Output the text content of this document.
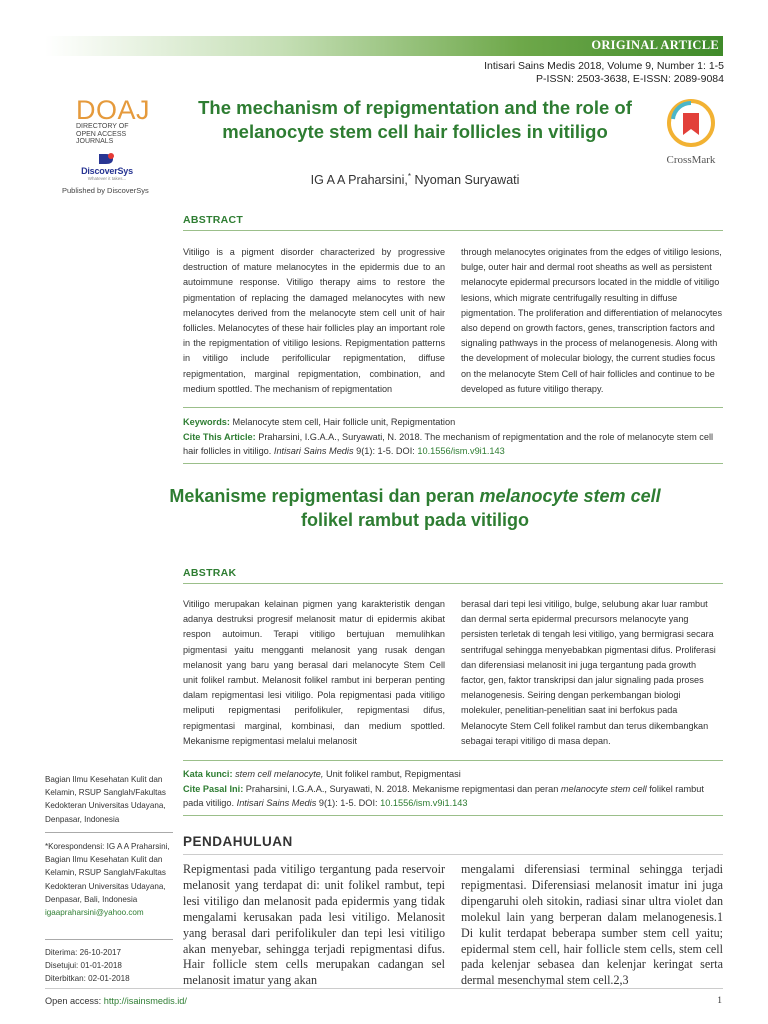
ORIGINAL ARTICLE
Intisari Sains Medis 2018, Volume 9, Number 1: 1-5
P-ISSN: 2503-3638, E-ISSN: 2089-9084
DOAJ
DIRECTORY OF
OPEN ACCESS
JOURNALS
DiscoverSys
Whatever it takes...
Published by DiscoverSys
CrossMark
The mechanism of repigmentation and the role of
melanocyte stem cell hair follicles in vitiligo
IG A A Praharsini,* Nyoman Suryawati
ABSTRACT
Vitiligo is a pigment disorder characterized by progressive destruction of mature melanocytes in the epidermis due to an autoimmune response. Vitiligo therapy aims to restore the pigmentation of replacing the damaged melanocytes with new melanocytes derived from the melanocyte stem cell unit of hair follicles. Melanocytes of these hair follicles play an important role in the repigmentation of vitiligo lesions. Repigmentation patterns in vitiligo include perifollicular repigmentation, diffuse repigmentation, marginal repigmentation, combination, and medium spottled. The mechanism of repigmentation
through melanocytes originates from the edges of vitiligo lesions, bulge, outer hair and dermal root sheaths as well as persistent melanocyte epidermal precursors located in the middle of vitiligo lesions, which migrate centrifugally resulting in diffuse pigmentation. The proliferation and differentiation of melanocytes also depend on growth factors, genes, transcription factors and signaling pathways in the process of melanogenesis. Along with the development of molecular biology, the current studies focus on the melanocyte Stem Cell of hair follicles and continue to be developed as future vitiligo therapy.
Keywords: Melanocyte stem cell, Hair follicle unit, Repigmentation
Cite This Article: Praharsini, I.G.A.A., Suryawati, N. 2018. The mechanism of repigmentation and the role of melanocyte stem cell hair follicles in vitiligo. Intisari Sains Medis 9(1): 1-5. DOI: 10.1556/ism.v9i1.143
Mekanisme repigmentasi dan peran melanocyte stem cell
folikel rambut pada vitiligo
ABSTRAK
Vitiligo merupakan kelainan pigmen yang karakteristik dengan adanya destruksi progresif melanosit matur di epidermis akibat respon autoimun. Terapi vitiligo bertujuan memulihkan pigmentasi yaitu mengganti melanosit yang rusak dengan melanosit yang baru yang berasal dari melanocyte Stem Cell unit folikel rambut. Melanosit folikel rambut ini berperan penting dalam repigmentasi lesi vitiligo. Pola repigmentasi pada vitiligo meliputi repigmentasi perifolikuler, repigmentasi difus, repigmentasi marginal, kombinasi, dan medium spottled. Mekanisme repigmentasi melalui melanosit
berasal dari tepi lesi vitiligo, bulge, selubung akar luar rambut dan dermal serta epidermal precursors melanocyte yang persisten terletak di tengah lesi vitiligo, yang bermigrasi secara sentrifugal sehingga menyebabkan pigmentasi difus. Proliferasi dan diferensiasi melanosit ini juga tergantung pada growth factor, gen, faktor transkripsi dan jalur signaling pada proses melanogenesis. Seiring dengan perkembangan biologi molekuler, penelitian-penelitian saat ini berfokus pada Melanocyte Stem Cell folikel rambut dan terus dikembangkan sebagai terapi vitiligo di masa depan.
Kata kunci: stem cell melanocyte, Unit folikel rambut, Repigmentasi
Cite Pasal Ini: Praharsini, I.G.A.A., Suryawati, N. 2018. Mekanisme repigmentasi dan peran melanocyte stem cell folikel rambut pada vitiligo. Intisari Sains Medis 9(1): 1-5. DOI: 10.1556/ism.v9i1.143
Bagian Ilmu Kesehatan Kulit dan Kelamin, RSUP Sanglah/Fakultas Kedokteran Universitas Udayana, Denpasar, Indonesia
*Korespondensi: IG A A Praharsini, Bagian Ilmu Kesehatan Kulit dan Kelamin, RSUP Sanglah/Fakultas Kedokteran Universitas Udayana, Denpasar, Bali, Indonesia
igaapraharsini@yahoo.com
Diterima: 26-10-2017
Disetujui: 01-01-2018
Diterbitkan: 02-01-2018
PENDAHULUAN
Repigmentasi pada vitiligo tergantung pada reservoir melanosit yang terdapat di: unit folikel rambut, tepi lesi vitiligo dan melanosit pada epidermis yang tidak mengalami kerusakan pada lesi vitiligo. Melanosit yang berasal dari perifolikuler dan tepi lesi vitiligo akan menyebar, sehingga terjadi repigmentasi difus. Hair follicle stem cells merupakan cadangan sel melanosit imatur yang akan
mengalami diferensiasi terminal sehingga terjadi repigmentasi. Diferensiasi melanosit imatur ini juga dipengaruhi oleh sitokin, radiasi sinar ultra violet dan molekul lain yang berperan dalam melanogenesis.1 Di kulit terdapat beberapa sumber stem cell yaitu; epidermal stem cell, hair follicle stem cells, stem cell pada kelenjar sebasea dan kelenjar keringat serta dermal mesenchymal stem cell.2,3
Open access: http://isainsmedis.id/	1
